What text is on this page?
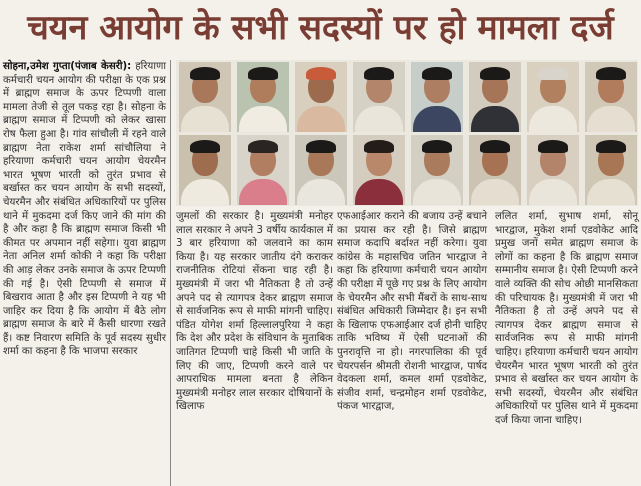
चयन आयोग के सभी सदस्यों पर हो मामला दर्ज

सोहना,उमेश गुप्ता(पंजाब केसरी): हरियाणा कर्मचारी चयन आयोग की परीक्षा के एक प्रश्न में ब्राह्मण समाज के ऊपर टिप्पणी वाला मामला तेजी से तूल पकड़ रहा है। सोहना के ब्राह्मण समाज में टिप्पणी को लेकर खासा रोष फैला हुआ है। गांव सांचौली में रहने वाले ब्राह्मण नेता राकेश शर्मा सांचौलिया ने हरियाणा कर्मचारी चयन आयोग चेयरमैन भारत भूषण भारती को तुरंत प्रभाव से बर्खास्त कर चयन आयोग के सभी सदस्यों, चेयरमैन और संबंधित अधिकारियों पर पुलिस थाने में मुकदमा दर्ज किए जाने की मांग की है और कहा है कि ब्राह्मण समाज किसी भी कीमत पर अपमान नहीं सहेगा। युवा ब्राह्मण नेता अनिल शर्मा कोकी ने कहा कि परीक्षा की आड़ लेकर उनके समाज के ऊपर टिप्पणी की गई है। ऐसी टिप्पणी से समाज में बिखराव आता है और इस टिप्पणी ने यह भी जाहिर कर दिया है कि आयोग में बैठे लोग ब्राह्मण समाज के बारे में कैसी धारणा रखते हैं। कष्ट निवारण समिति के पूर्व सदस्य सुधीर शर्मा का कहना है कि भाजपा सरकार

जुमलों की सरकार है। मुख्यमंत्री मनोहर लाल सरकार ने अपने 3 वर्षीय कार्यकाल में 3 बार हरियाणा को जलवाने का काम किया है। यह सरकार जातीय दंगे कराकर राजनीतिक रोटियां सेंकना चाह रही है। मुख्यमंत्री में जरा भी नैतिकता है तो उन्हें अपने पद से त्यागपत्र देकर ब्राह्मण समाज से सार्वजनिक रूप से माफी मांगनी चाहिए। पंडित योगेश शर्मा हिल्लालपुरिया ने कहा कि देश और प्रदेश के संविधान के मुताबिक जातिगत टिप्पणी चाहे किसी भी जाति के लिए की जाए, टिप्पणी करने वाले पर आपराधिक मामला बनता है लेकिन मुख्यमंत्री मनोहर लाल सरकार दोषियानों के खिलाफ

एफआईआर कराने की बजाय उन्हें बचाने का प्रयास कर रही है। जिसे ब्राह्मण समाज कदापि बर्दाश्त नहीं करेगा। युवा कांग्रेस के महासचिव जतिन भारद्वाज ने कहा कि हरियाणा कर्मचारी चयन आयोग की परीक्षा में पूछे गए प्रश्न के लिए आयोग के चेयरमैन और सभी मैंबरों के साथ-साथ संबंधित अधिकारी जिम्मेदार है। इन सभी के खिलाफ एफआईआर दर्ज होनी चाहिए ताकि भविष्य में ऐसी घटनाओं की पुनरावृत्ति ना हो। नगरपालिका की पूर्व चेयरपर्सन श्रीमती रोशनी भारद्वाज, पार्षद वेदकला शर्मा, कमल शर्मा एडवोकेट, संजीव शर्मा, चन्द्रमोहन शर्मा एडवोकेट, पंकज भारद्वाज,

ललित शर्मा, सुभाष शर्मा, सोनू भारद्वाज, मुकेश शर्मा एडवोकेट आदि प्रमुख जनों समेत ब्राह्मण समाज के लोगों का कहना है कि ब्राह्मण समाज सम्मानीय समाज है। ऐसी टिप्पणी करने वाले व्यक्ति की सोच ओछी मानसिकता की परिचायक है। मुख्यमंत्री में जरा भी नैतिकता है तो उन्हें अपने पद से त्यागपत्र देकर ब्राह्मण समाज से सार्वजनिक रूप से माफी मांगनी चाहिए। हरियाणा कर्मचारी चयन आयोग चेयरमैन भारत भूषण भारती को तुरंत प्रभाव से बर्खास्त कर चयन आयोग के सभी सदस्यों, चेयरमैन और संबंधित अधिकारियों पर पुलिस थाने में मुकदमा दर्ज किया जाना चाहिए।
